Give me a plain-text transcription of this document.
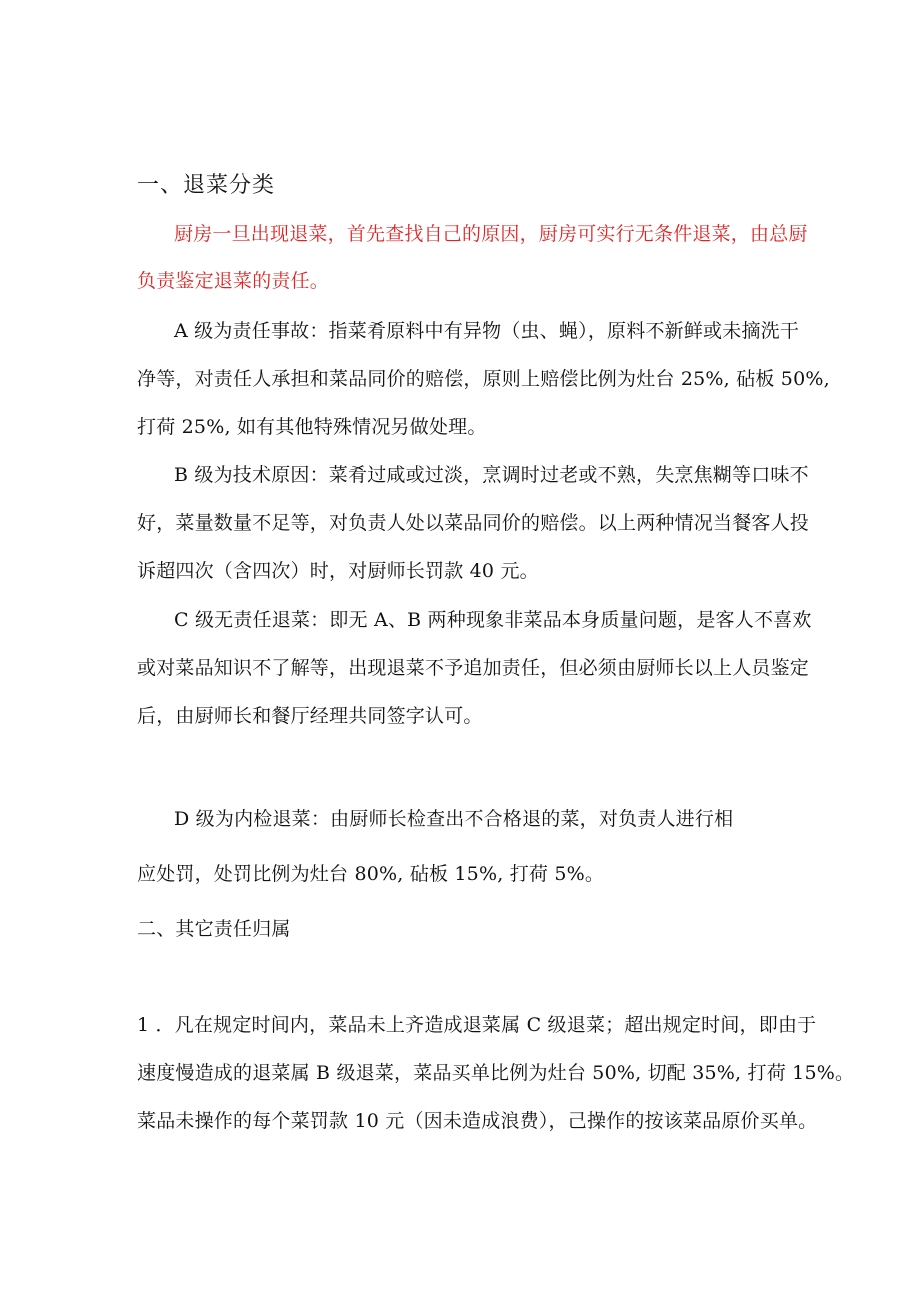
一、退菜分类
厨房一旦出现退菜，首先查找自己的原因，厨房可实行无条件退菜，由总厨
负责鉴定退菜的责任。
A 级为责任事故：指菜肴原料中有异物（虫、蝇），原料不新鲜或未摘洗干
净等，对责任人承担和菜品同价的赔偿，原则上赔偿比例为灶台 25%, 砧板 50%,
打荷 25%, 如有其他特殊情况另做处理。
B 级为技术原因：菜肴过咸或过淡，烹调时过老或不熟，失烹焦糊等口味不
好，菜量数量不足等，对负责人处以菜品同价的赔偿。以上两种情况当餐客人投
诉超四次（含四次）时，对厨师长罚款 40 元。
C 级无责任退菜：即无 A、B 两种现象非菜品本身质量问题，是客人不喜欢
或对菜品知识不了解等，出现退菜不予追加责任，但必须由厨师长以上人员鉴定
后，由厨师长和餐厅经理共同签字认可。
D 级为内检退菜：由厨师长检查出不合格退的菜，对负责人进行相
应处罚，处罚比例为灶台 80%, 砧板 15%, 打荷 5%。
二、其它责任归属
1 ．凡在规定时间内，菜品未上齐造成退菜属 C 级退菜；超出规定时间，即由于
速度慢造成的退菜属 B 级退菜，菜品买单比例为灶台 50%, 切配 35%, 打荷 15%。
菜品未操作的每个菜罚款 10 元（因未造成浪费），己操作的按该菜品原价买单。
